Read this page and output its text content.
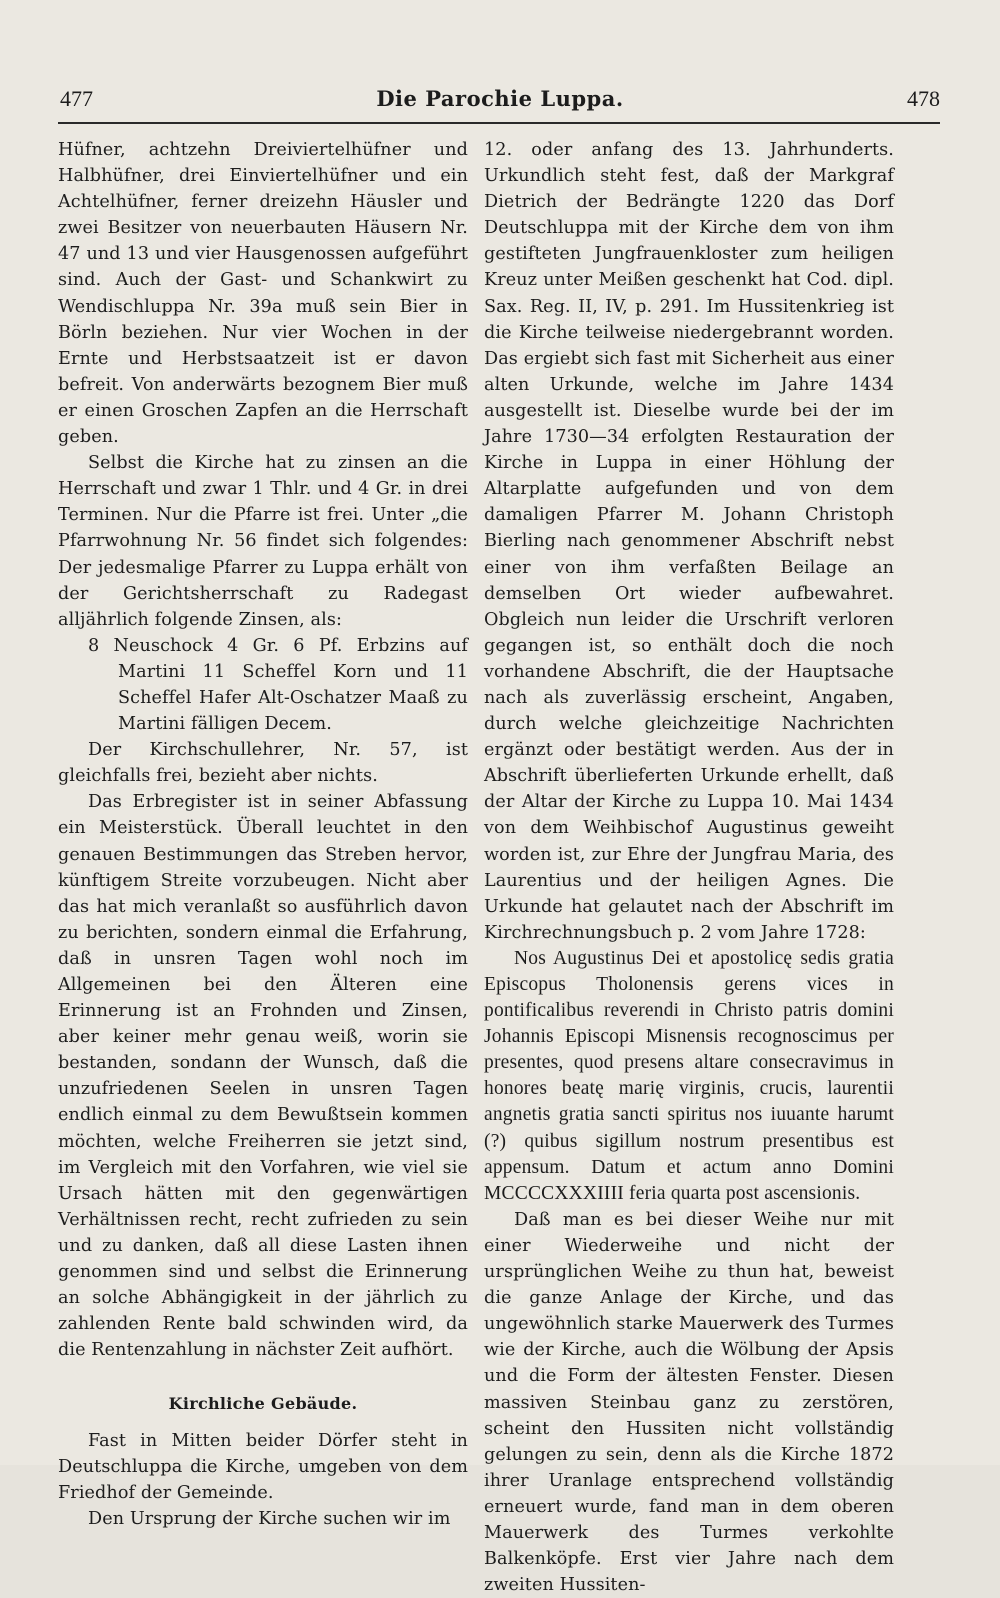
477	Die Parochie Luppa.	478

Hüfner, achtzehn Dreiviertelhüfner und Halbhüfner, drei Einviertelhüfner und ein Achtelhüfner, ferner dreizehn Häusler und zwei Besitzer von neuerbauten Häusern Nr. 47 und 13 und vier Hausgenossen aufgeführt sind. Auch der Gast- und Schankwirt zu Wendischluppa Nr. 39a muß sein Bier in Börln beziehen. Nur vier Wochen in der Ernte und Herbstsaatzeit ist er davon befreit. Von anderwärts bezognem Bier muß er einen Groschen Zapfen an die Herrschaft geben.

Selbst die Kirche hat zu zinsen an die Herrschaft und zwar 1 Thlr. und 4 Gr. in drei Terminen. Nur die Pfarre ist frei. Unter „die Pfarrwohnung Nr. 56 findet sich folgendes: Der jedesmalige Pfarrer zu Luppa erhält von der Gerichtsherrschaft zu Radegast alljährlich folgende Zinsen, als:

8 Neuschock 4 Gr. 6 Pf. Erbzins auf Martini 11 Scheffel Korn und 11 Scheffel Hafer Alt-Oschatzer Maaß zu Martini fälligen Decem.

Der Kirchschullehrer, Nr. 57, ist gleichfalls frei, bezieht aber nichts.

Das Erbregister ist in seiner Abfassung ein Meisterstück. Überall leuchtet in den genauen Bestimmungen das Streben hervor, künftigem Streite vorzubeugen. Nicht aber das hat mich veranlaßt so ausführlich davon zu berichten, sondern einmal die Erfahrung, daß in unsren Tagen wohl noch im Allgemeinen bei den Älteren eine Erinnerung ist an Frohnden und Zinsen, aber keiner mehr genau weiß, worin sie bestanden, sondann der Wunsch, daß die unzufriedenen Seelen in unsren Tagen endlich einmal zu dem Bewußtsein kommen möchten, welche Freiherren sie jetzt sind, im Vergleich mit den Vorfahren, wie viel sie Ursach hätten mit den gegenwärtigen Verhältnissen recht, recht zufrieden zu sein und zu danken, daß all diese Lasten ihnen genommen sind und selbst die Erinnerung an solche Abhängigkeit in der jährlich zu zahlenden Rente bald schwinden wird, da die Rentenzahlung in nächster Zeit aufhört.

Kirchliche Gebäude.

Fast in Mitten beider Dörfer steht in Deutschluppa die Kirche, umgeben von dem Friedhof der Gemeinde.

Den Ursprung der Kirche suchen wir im

12. oder anfang des 13. Jahrhunderts. Urkundlich steht fest, daß der Markgraf Dietrich der Bedrängte 1220 das Dorf Deutschluppa mit der Kirche dem von ihm gestifteten Jungfrauenkloster zum heiligen Kreuz unter Meißen geschenkt hat Cod. dipl. Sax. Reg. II, IV, p. 291. Im Hussitenkrieg ist die Kirche teilweise niedergebrannt worden. Das ergiebt sich fast mit Sicherheit aus einer alten Urkunde, welche im Jahre 1434 ausgestellt ist. Dieselbe wurde bei der im Jahre 1730—34 erfolgten Restauration der Kirche in Luppa in einer Höhlung der Altarplatte aufgefunden und von dem damaligen Pfarrer M. Johann Christoph Bierling nach genommener Abschrift nebst einer von ihm verfaßten Beilage an demselben Ort wieder aufbewahret. Obgleich nun leider die Urschrift verloren gegangen ist, so enthält doch die noch vorhandene Abschrift, die der Hauptsache nach als zuverlässig erscheint, Angaben, durch welche gleichzeitige Nachrichten ergänzt oder bestätigt werden. Aus der in Abschrift überlieferten Urkunde erhellt, daß der Altar der Kirche zu Luppa 10. Mai 1434 von dem Weihbischof Augustinus geweiht worden ist, zur Ehre der Jungfrau Maria, des Laurentius und der heiligen Agnes. Die Urkunde hat gelautet nach der Abschrift im Kirchrechnungsbuch p. 2 vom Jahre 1728:

Nos Augustinus Dei et apostolicę sedis gratia Episcopus Tholonensis gerens vices in pontificalibus reverendi in Christo patris domini Johannis Episcopi Misnensis recognoscimus per presentes, quod presens altare consecravimus in honores beatę marię virginis, crucis, laurentii angnetis gratia sancti spiritus nos iuuante harumt (?) quibus sigillum nostrum presentibus est appensum. Datum et actum anno Domini MCCCCXXXIIII feria quarta post ascensionis.

Daß man es bei dieser Weihe nur mit einer Wiederweihe und nicht der ursprünglichen Weihe zu thun hat, beweist die ganze Anlage der Kirche, und das ungewöhnlich starke Mauerwerk des Turmes wie der Kirche, auch die Wölbung der Apsis und die Form der ältesten Fenster. Diesen massiven Steinbau ganz zu zerstören, scheint den Hussiten nicht vollständig gelungen zu sein, denn als die Kirche 1872 ihrer Uranlage entsprechend vollständig erneuert wurde, fand man in dem oberen Mauerwerk des Turmes verkohlte Balkenköpfe. Erst vier Jahre nach dem zweiten Hussiten-
